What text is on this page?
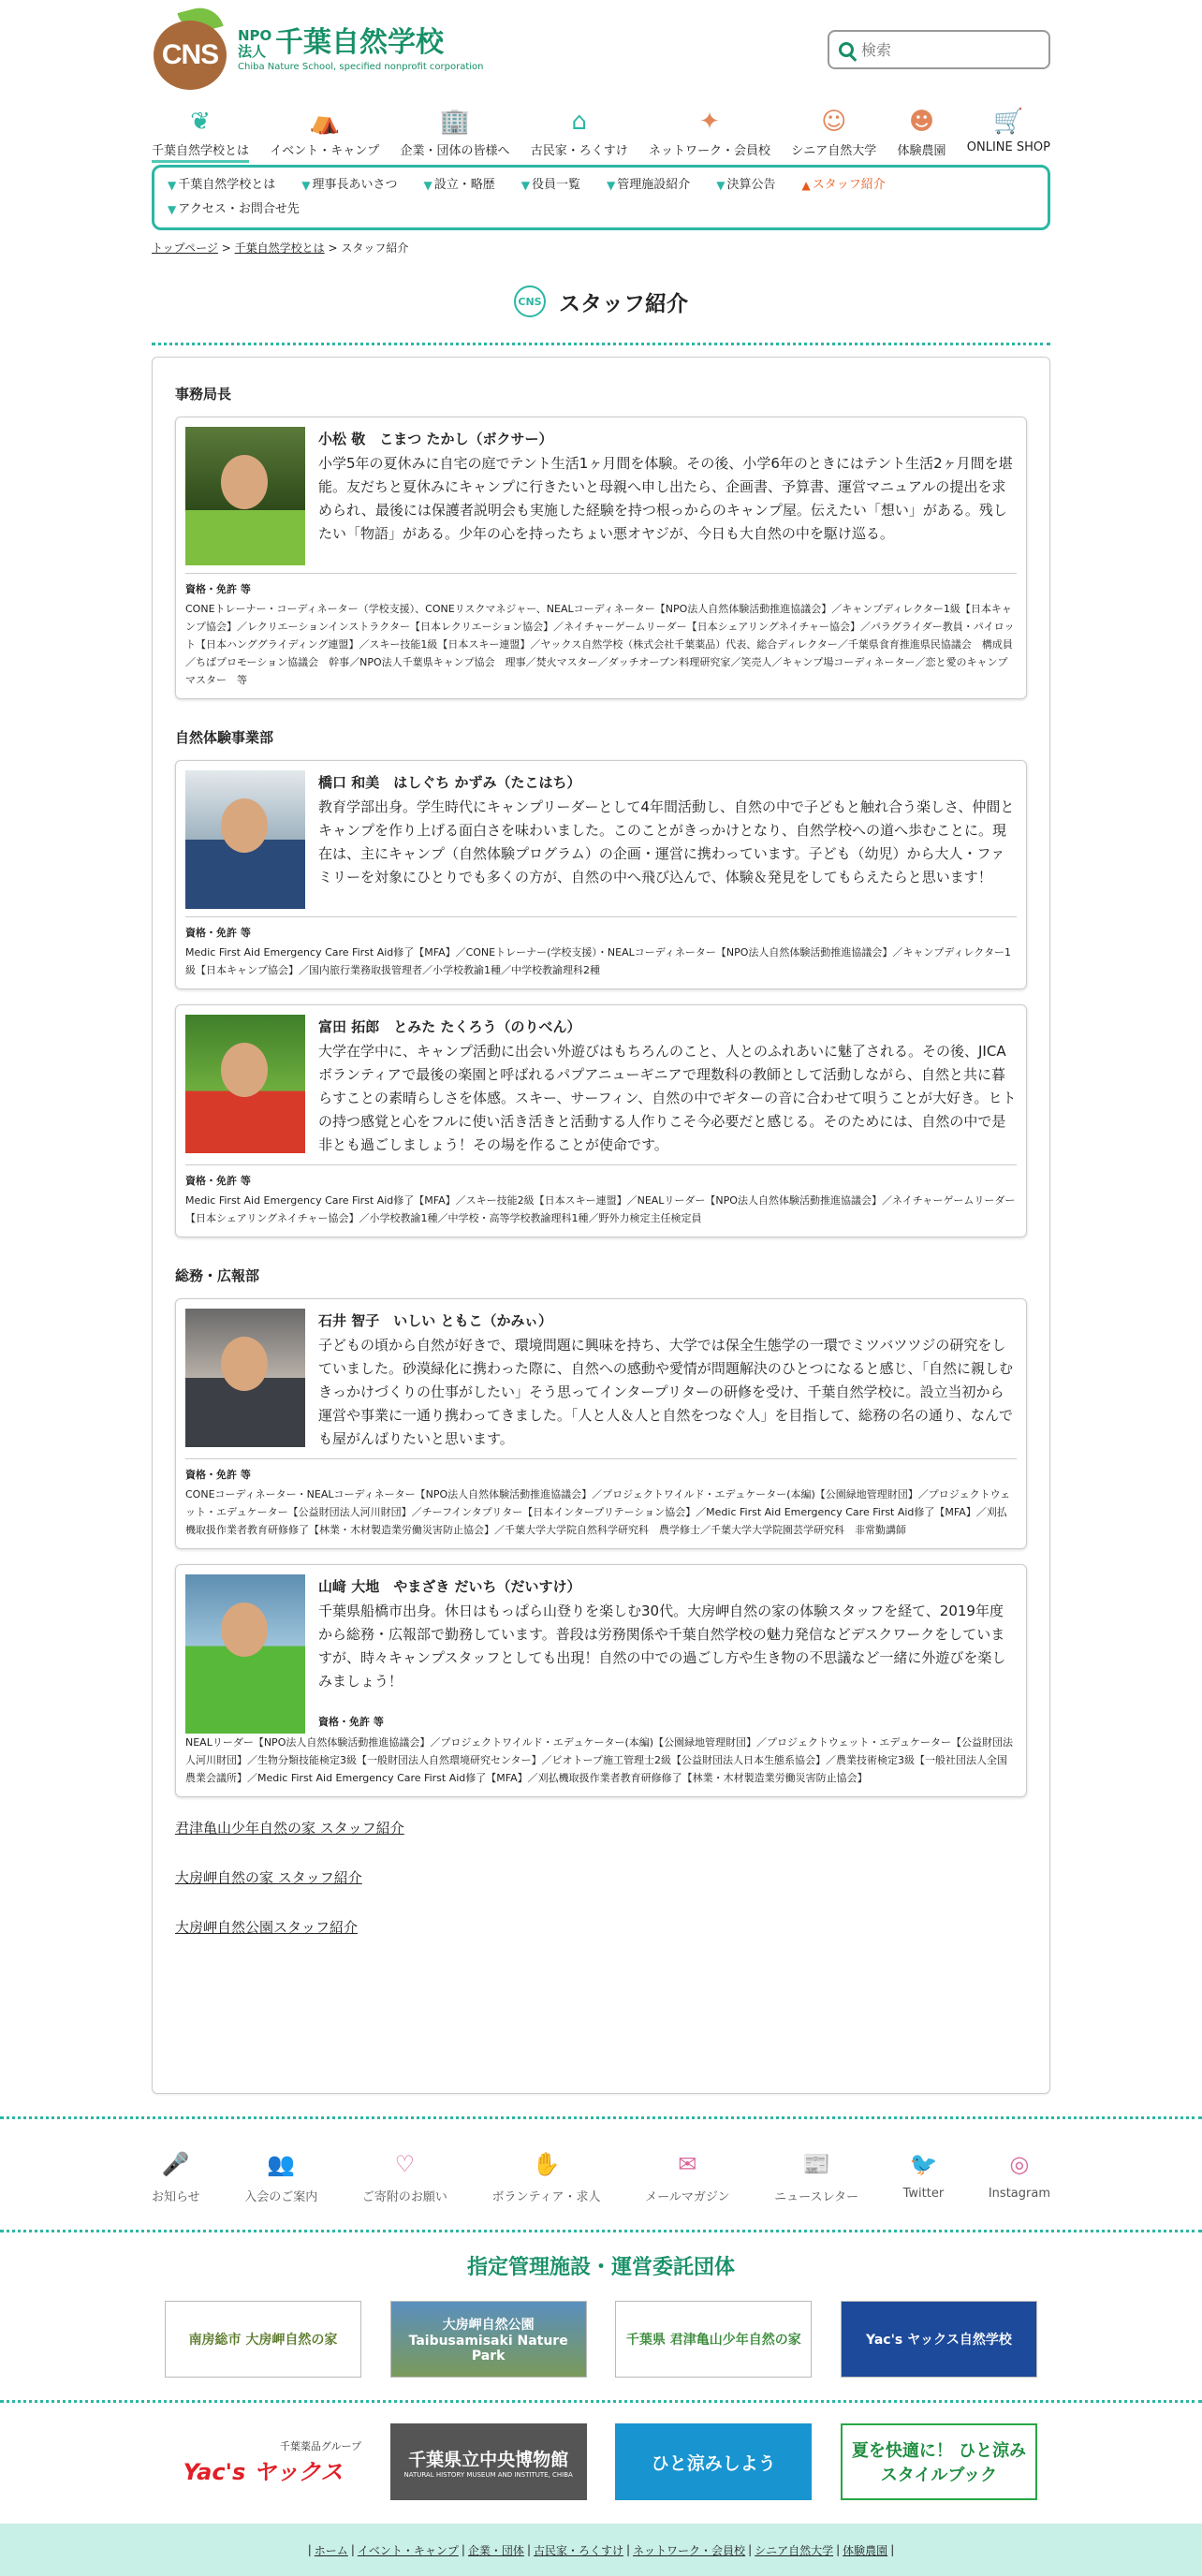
CNS
NPO法人 千葉自然学校
Chiba Nature School, specified nonprofit corporation
検索
❦
千葉自然学校とは
⛺
イベント・キャンプ
🏢
企業・団体の皆様へ
⌂
古民家・ろくすけ
✦
ネットワーク・会員校
☺
シニア自然大学
☻
体験農園
🛒
ONLINE SHOP
▼ 千葉自然学校とは ▼ 理事長あいさつ ▼ 設立・略歴 ▼ 役員一覧 ▼ 管理施設紹介 ▼ 決算公告 ▲ スタッフ紹介
▼ アクセス・お問合せ先
トップページ > 千葉自然学校とは > スタッフ紹介
CNS スタッフ紹介
事務局長
小松 敬　こまつ たかし（ボクサー）
小学5年の夏休みに自宅の庭でテント生活1ヶ月間を体験。その後、小学6年のときにはテント生活2ヶ月間を堪能。友だちと夏休みにキャンプに行きたいと母親へ申し出たら、企画書、予算書、運営マニュアルの提出を求められ、最後には保護者説明会も実施した経験を持つ根っからのキャンプ屋。伝えたい「想い」がある。残したい「物語」がある。少年の心を持ったちょい悪オヤジが、今日も大自然の中を駆け巡る。
資格・免許 等
CONEトレーナー・コーディネーター（学校支援）、CONEリスクマネジャー、NEALコーディネーター【NPO法人自然体験活動推進協議会】／キャンプディレクター1級【日本キャンプ協会】／レクリエーションインストラクター【日本レクリエーション協会】／ネイチャーゲームリーダー【日本シェアリングネイチャー協会】／パラグライダー教員・パイロット【日本ハンググライディング連盟】／スキー技能1級【日本スキー連盟】／ヤックス自然学校（株式会社千葉薬品）代表、総合ディレクター／千葉県食育推進県民協議会　構成員／ちばプロモーション協議会　幹事／NPO法人千葉県キャンプ協会　理事／焚火マスター／ダッチオーブン料理研究家／笑売人／キャンプ場コーディネーター／恋と愛のキャンプマスター　等
自然体験事業部
橋口 和美　はしぐち かずみ（たこはち）
教育学部出身。学生時代にキャンプリーダーとして4年間活動し、自然の中で子どもと触れ合う楽しさ、仲間とキャンプを作り上げる面白さを味わいました。このことがきっかけとなり、自然学校への道へ歩むことに。現在は、主にキャンプ（自然体験プログラム）の企画・運営に携わっています。子ども（幼児）から大人・ファミリーを対象にひとりでも多くの方が、自然の中へ飛び込んで、体験＆発見をしてもらえたらと思います！
資格・免許 等
Medic First Aid Emergency Care First Aid修了【MFA】／CONEトレーナー(学校支援）・NEALコーディネーター【NPO法人自然体験活動推進協議会】／キャンプディレクター1級【日本キャンプ協会】／国内旅行業務取扱管理者／小学校教諭1種／中学校教諭理科2種
富田 拓郎　とみた たくろう（のりべん）
大学在学中に、キャンプ活動に出会い外遊びはもちろんのこと、人とのふれあいに魅了される。その後、JICAボランティアで最後の楽園と呼ばれるパプアニューギニアで理数科の教師として活動しながら、自然と共に暮らすことの素晴らしさを体感。スキー、サーフィン、自然の中でギターの音に合わせて唄うことが大好き。ヒトの持つ感覚と心をフルに使い活き活きと活動する人作りこそ今必要だと感じる。そのためには、自然の中で是非とも過ごしましょう！その場を作ることが使命です。
資格・免許 等
Medic First Aid Emergency Care First Aid修了【MFA】／スキー技能2級【日本スキー連盟】／NEALリーダー【NPO法人自然体験活動推進協議会】／ネイチャーゲームリーダー【日本シェアリングネイチャー協会】／小学校教諭1種／中学校・高等学校教諭理科1種／野外力検定主任検定員
総務・広報部
石井 智子　いしい ともこ（かみぃ）
子どもの頃から自然が好きで、環境問題に興味を持ち、大学では保全生態学の一環でミツバツツジの研究をしていました。砂漠緑化に携わった際に、自然への感動や愛情が問題解決のひとつになると感じ、「自然に親しむきっかけづくりの仕事がしたい」そう思ってインタープリターの研修を受け、千葉自然学校に。設立当初から運営や事業に一通り携わってきました。「人と人＆人と自然をつなぐ人」を目指して、総務の名の通り、なんでも屋がんばりたいと思います。
資格・免許 等
CONEコーディネーター・NEALコーディネーター【NPO法人自然体験活動推進協議会】／プロジェクトワイルド・エデュケーター(本編)【公園緑地管理財団】／プロジェクトウェット・エデュケーター【公益財団法人河川財団】／チーフインタプリター【日本インタープリテーション協会】／Medic First Aid Emergency Care First Aid修了【MFA】／刈払機取扱作業者教育研修修了【林業・木材製造業労働災害防止協会】／千葉大学大学院自然科学研究科　農学修士／千葉大学大学院園芸学研究科　非常勤講師
山﨑 大地　やまざき だいち（だいすけ）
千葉県船橋市出身。休日はもっぱら山登りを楽しむ30代。大房岬自然の家の体験スタッフを経て、2019年度から総務・広報部で勤務しています。普段は労務関係や千葉自然学校の魅力発信などデスクワークをしていますが、時々キャンプスタッフとしても出現！自然の中での過ごし方や生き物の不思議など一緒に外遊びを楽しみましょう！
資格・免許 等
NEALリーダー【NPO法人自然体験活動推進協議会】／プロジェクトワイルド・エデュケーター(本編)【公園緑地管理財団】／プロジェクトウェット・エデュケーター【公益財団法人河川財団】／生物分類技能検定3級【一般財団法人自然環境研究センター】／ビオトープ施工管理士2級【公益財団法人日本生態系協会】／農業技術検定3級【一般社団法人全国農業会議所】／Medic First Aid Emergency Care First Aid修了【MFA】／刈払機取扱作業者教育研修修了【林業・木材製造業労働災害防止協会】
君津亀山少年自然の家 スタッフ紹介
大房岬自然の家 スタッフ紹介
大房岬自然公園スタッフ紹介
🎤
お知らせ
👥
入会のご案内
♡
ご寄附のお願い
✋
ボランティア・求人
✉
メールマガジン
📰
ニュースレター
🐦
Twitter
◎
Instagram
指定管理施設・運営委託団体
南房総市 大房岬自然の家
大房岬自然公園 Taibusamisaki Nature Park
千葉県 君津亀山少年自然の家	Yac's ヤックス自然学校
千葉薬品グループ
Yac's ヤックス	千葉県立中央博物館
NATURAL HISTORY MUSEUM AND INSTITUTE, CHIBA
ひと涼みしよう
夏を快適に！ ひと涼み スタイルブック
| ホーム | イベント・キャンプ | 企業・団体 | 古民家・ろくすけ | ネットワーク・会員校 | シニア自然大学 | 体験農園 |
